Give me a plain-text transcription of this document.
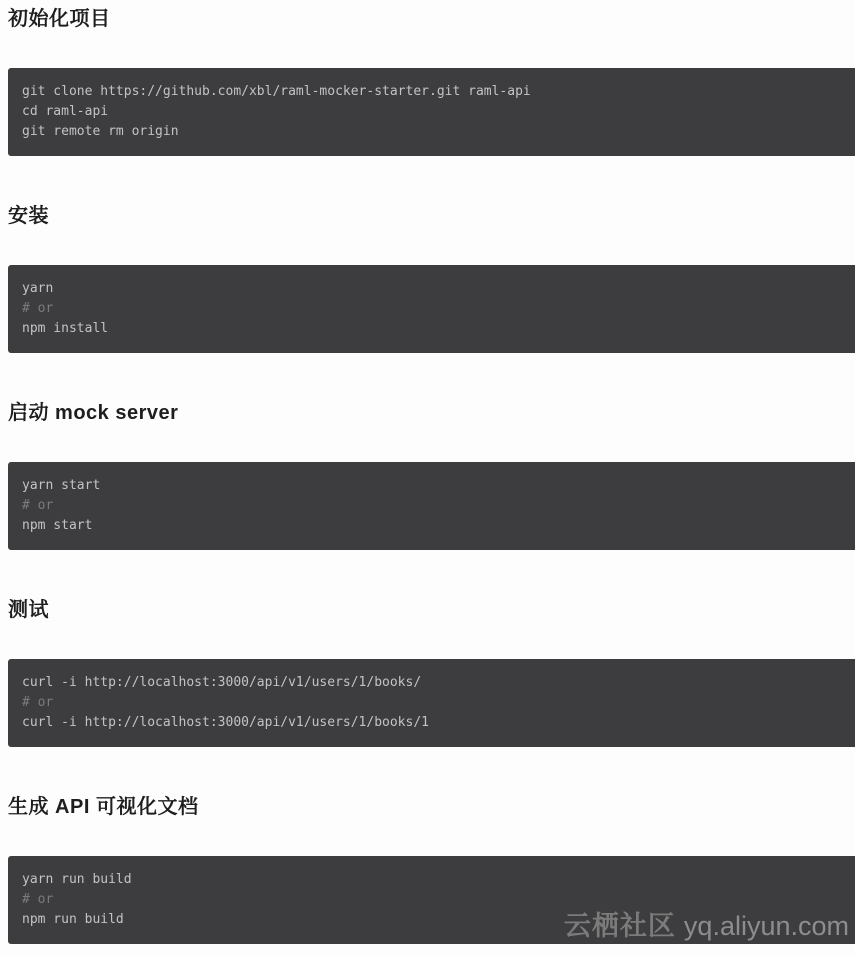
初始化项目
git clone https://github.com/xbl/raml-mocker-starter.git raml-api
cd raml-api
git remote rm origin
安装
yarn
# or
npm install
启动 mock server
yarn start
# or
npm start
测试
curl -i http://localhost:3000/api/v1/users/1/books/
# or
curl -i http://localhost:3000/api/v1/users/1/books/1
生成 API 可视化文档
yarn run build
# or
npm run build	云栖社区 yq.aliyun.com
